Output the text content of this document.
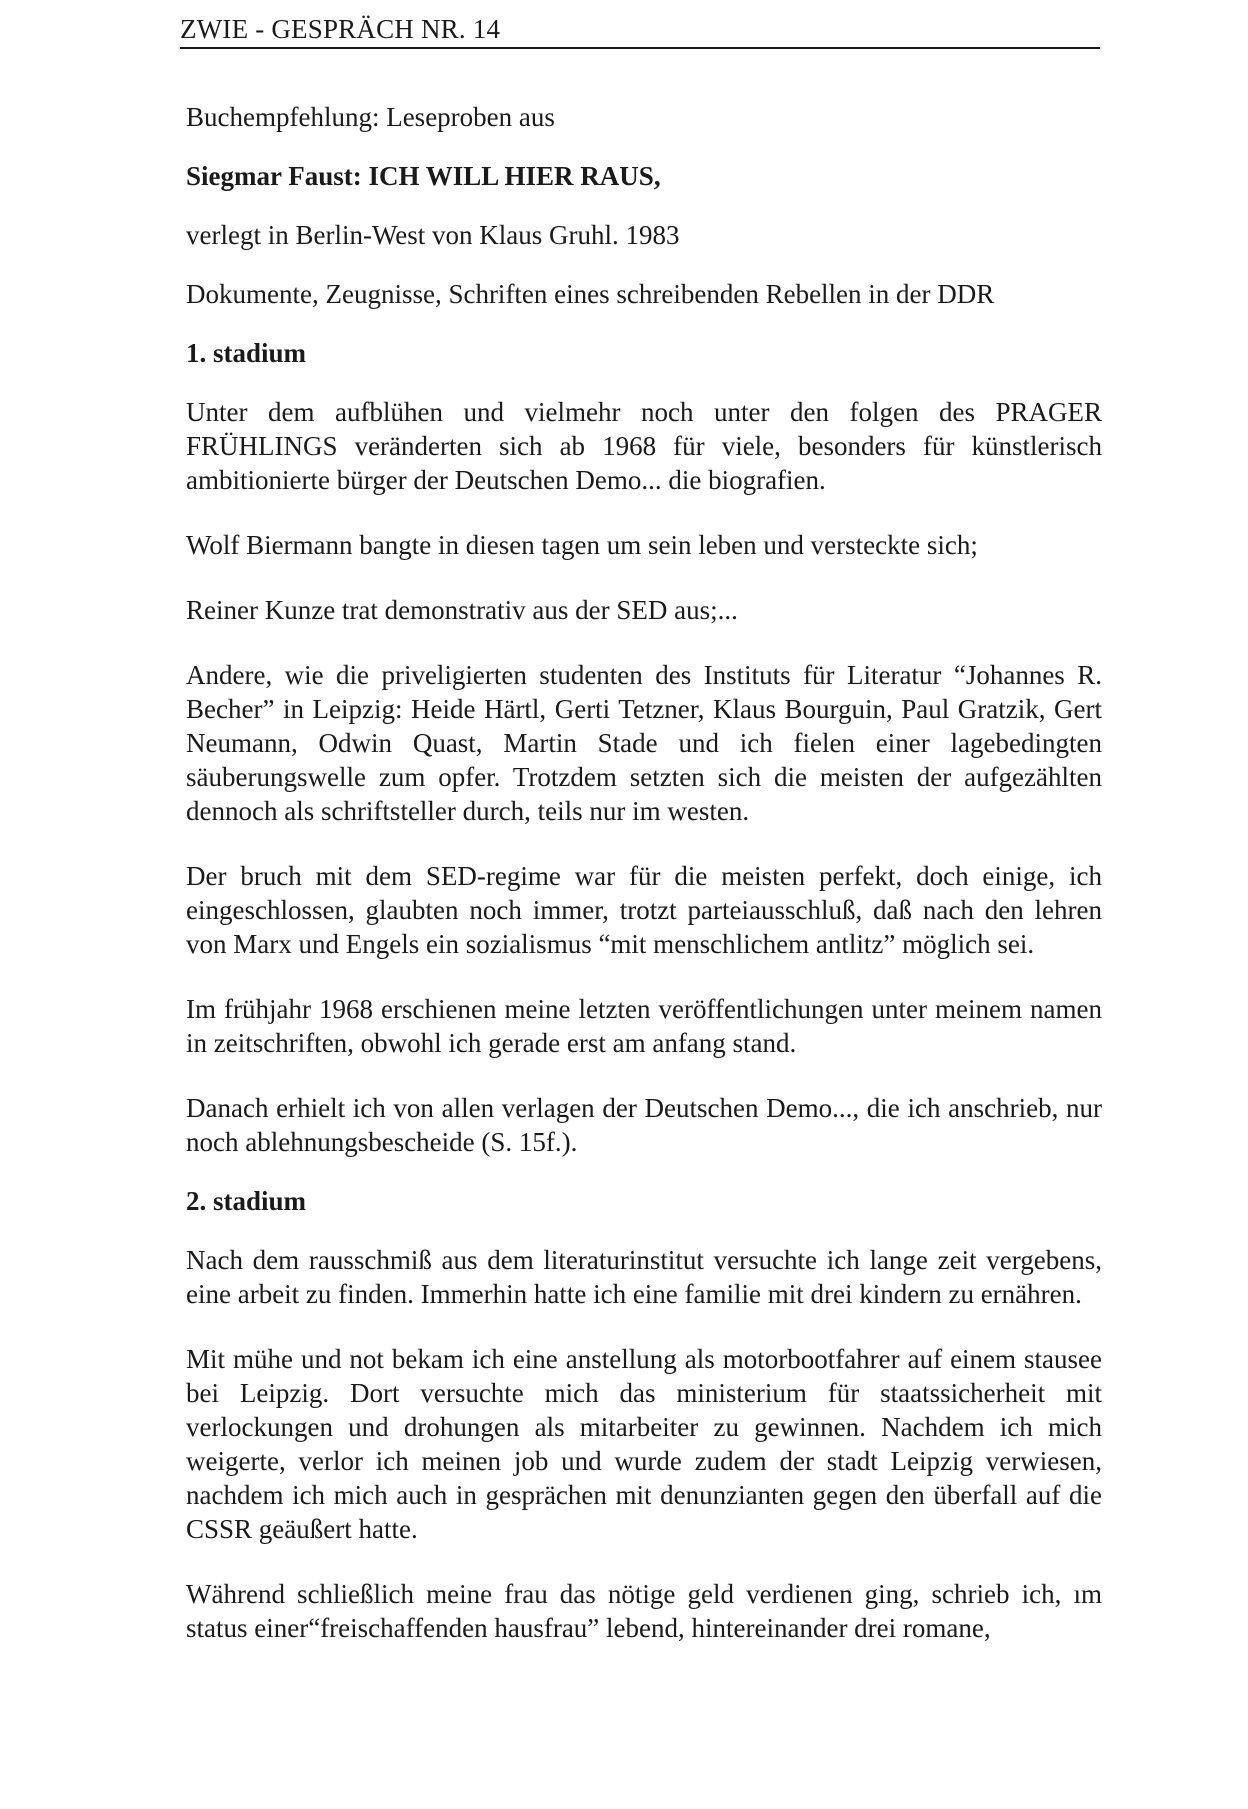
ZWIE - GESPRÄCH NR. 14

Buchempfehlung: Leseproben aus

Siegmar Faust: ICH WILL HIER RAUS,

verlegt in Berlin-West von Klaus Gruhl. 1983

Dokumente, Zeugnisse, Schriften eines schreibenden Rebellen in der DDR

1. stadium

Unter dem aufblühen und vielmehr noch unter den folgen des PRAGER FRÜHLINGS veränderten sich ab 1968 für viele, besonders für künstlerisch ambitionierte bürger der Deutschen Demo... die biografien.

Wolf Biermann bangte in diesen tagen um sein leben und versteckte sich;

Reiner Kunze trat demonstrativ aus der SED aus;...

Andere, wie die priveligierten studenten des Instituts für Literatur “Johannes R. Becher” in Leipzig: Heide Härtl, Gerti Tetzner, Klaus Bourguin, Paul Gratzik, Gert Neumann, Odwin Quast, Martin Stade und ich fielen einer lagebedingten säuberungswelle zum opfer. Trotzdem setzten sich die meisten der aufgezählten dennoch als schriftsteller durch, teils nur im westen.

Der bruch mit dem SED-regime war für die meisten perfekt, doch einige, ich eingeschlossen, glaubten noch immer, trotzt parteiausschluß, daß nach den lehren von Marx und Engels ein sozialismus “mit menschlichem antlitz” möglich sei.

Im frühjahr 1968 erschienen meine letzten veröffentlichungen unter meinem namen in zeitschriften, obwohl ich gerade erst am anfang stand.

Danach erhielt ich von allen verlagen der Deutschen Demo..., die ich anschrieb, nur noch ablehnungsbescheide (S. 15f.).

2. stadium

Nach dem rausschmiß aus dem literaturinstitut versuchte ich lange zeit vergebens, eine arbeit zu finden. Immerhin hatte ich eine familie mit drei kindern zu ernähren.

Mit mühe und not bekam ich eine anstellung als motorbootfahrer auf einem stausee bei Leipzig. Dort versuchte mich das ministerium für staatssicherheit mit verlockungen und drohungen als mitarbeiter zu gewinnen. Nachdem ich mich weigerte, verlor ich meinen job und wurde zudem der stadt Leipzig verwiesen, nachdem ich mich auch in gesprächen mit denunzianten gegen den überfall auf die CSSR geäußert hatte.

Während schließlich meine frau das nötige geld verdienen ging, schrieb ich, ım status einer“freischaffenden hausfrau” lebend, hintereinander drei romane,
